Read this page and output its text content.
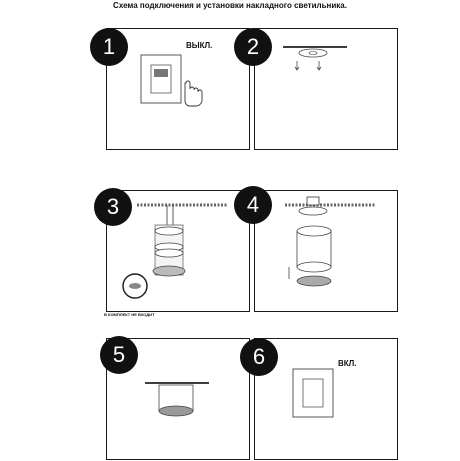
Схема подключения и установки накладного светильника.
1	ВЫКЛ.	2
3
В КОМПЛЕКТ НЕ ВХОДИТ
4
5	6	ВКЛ.
